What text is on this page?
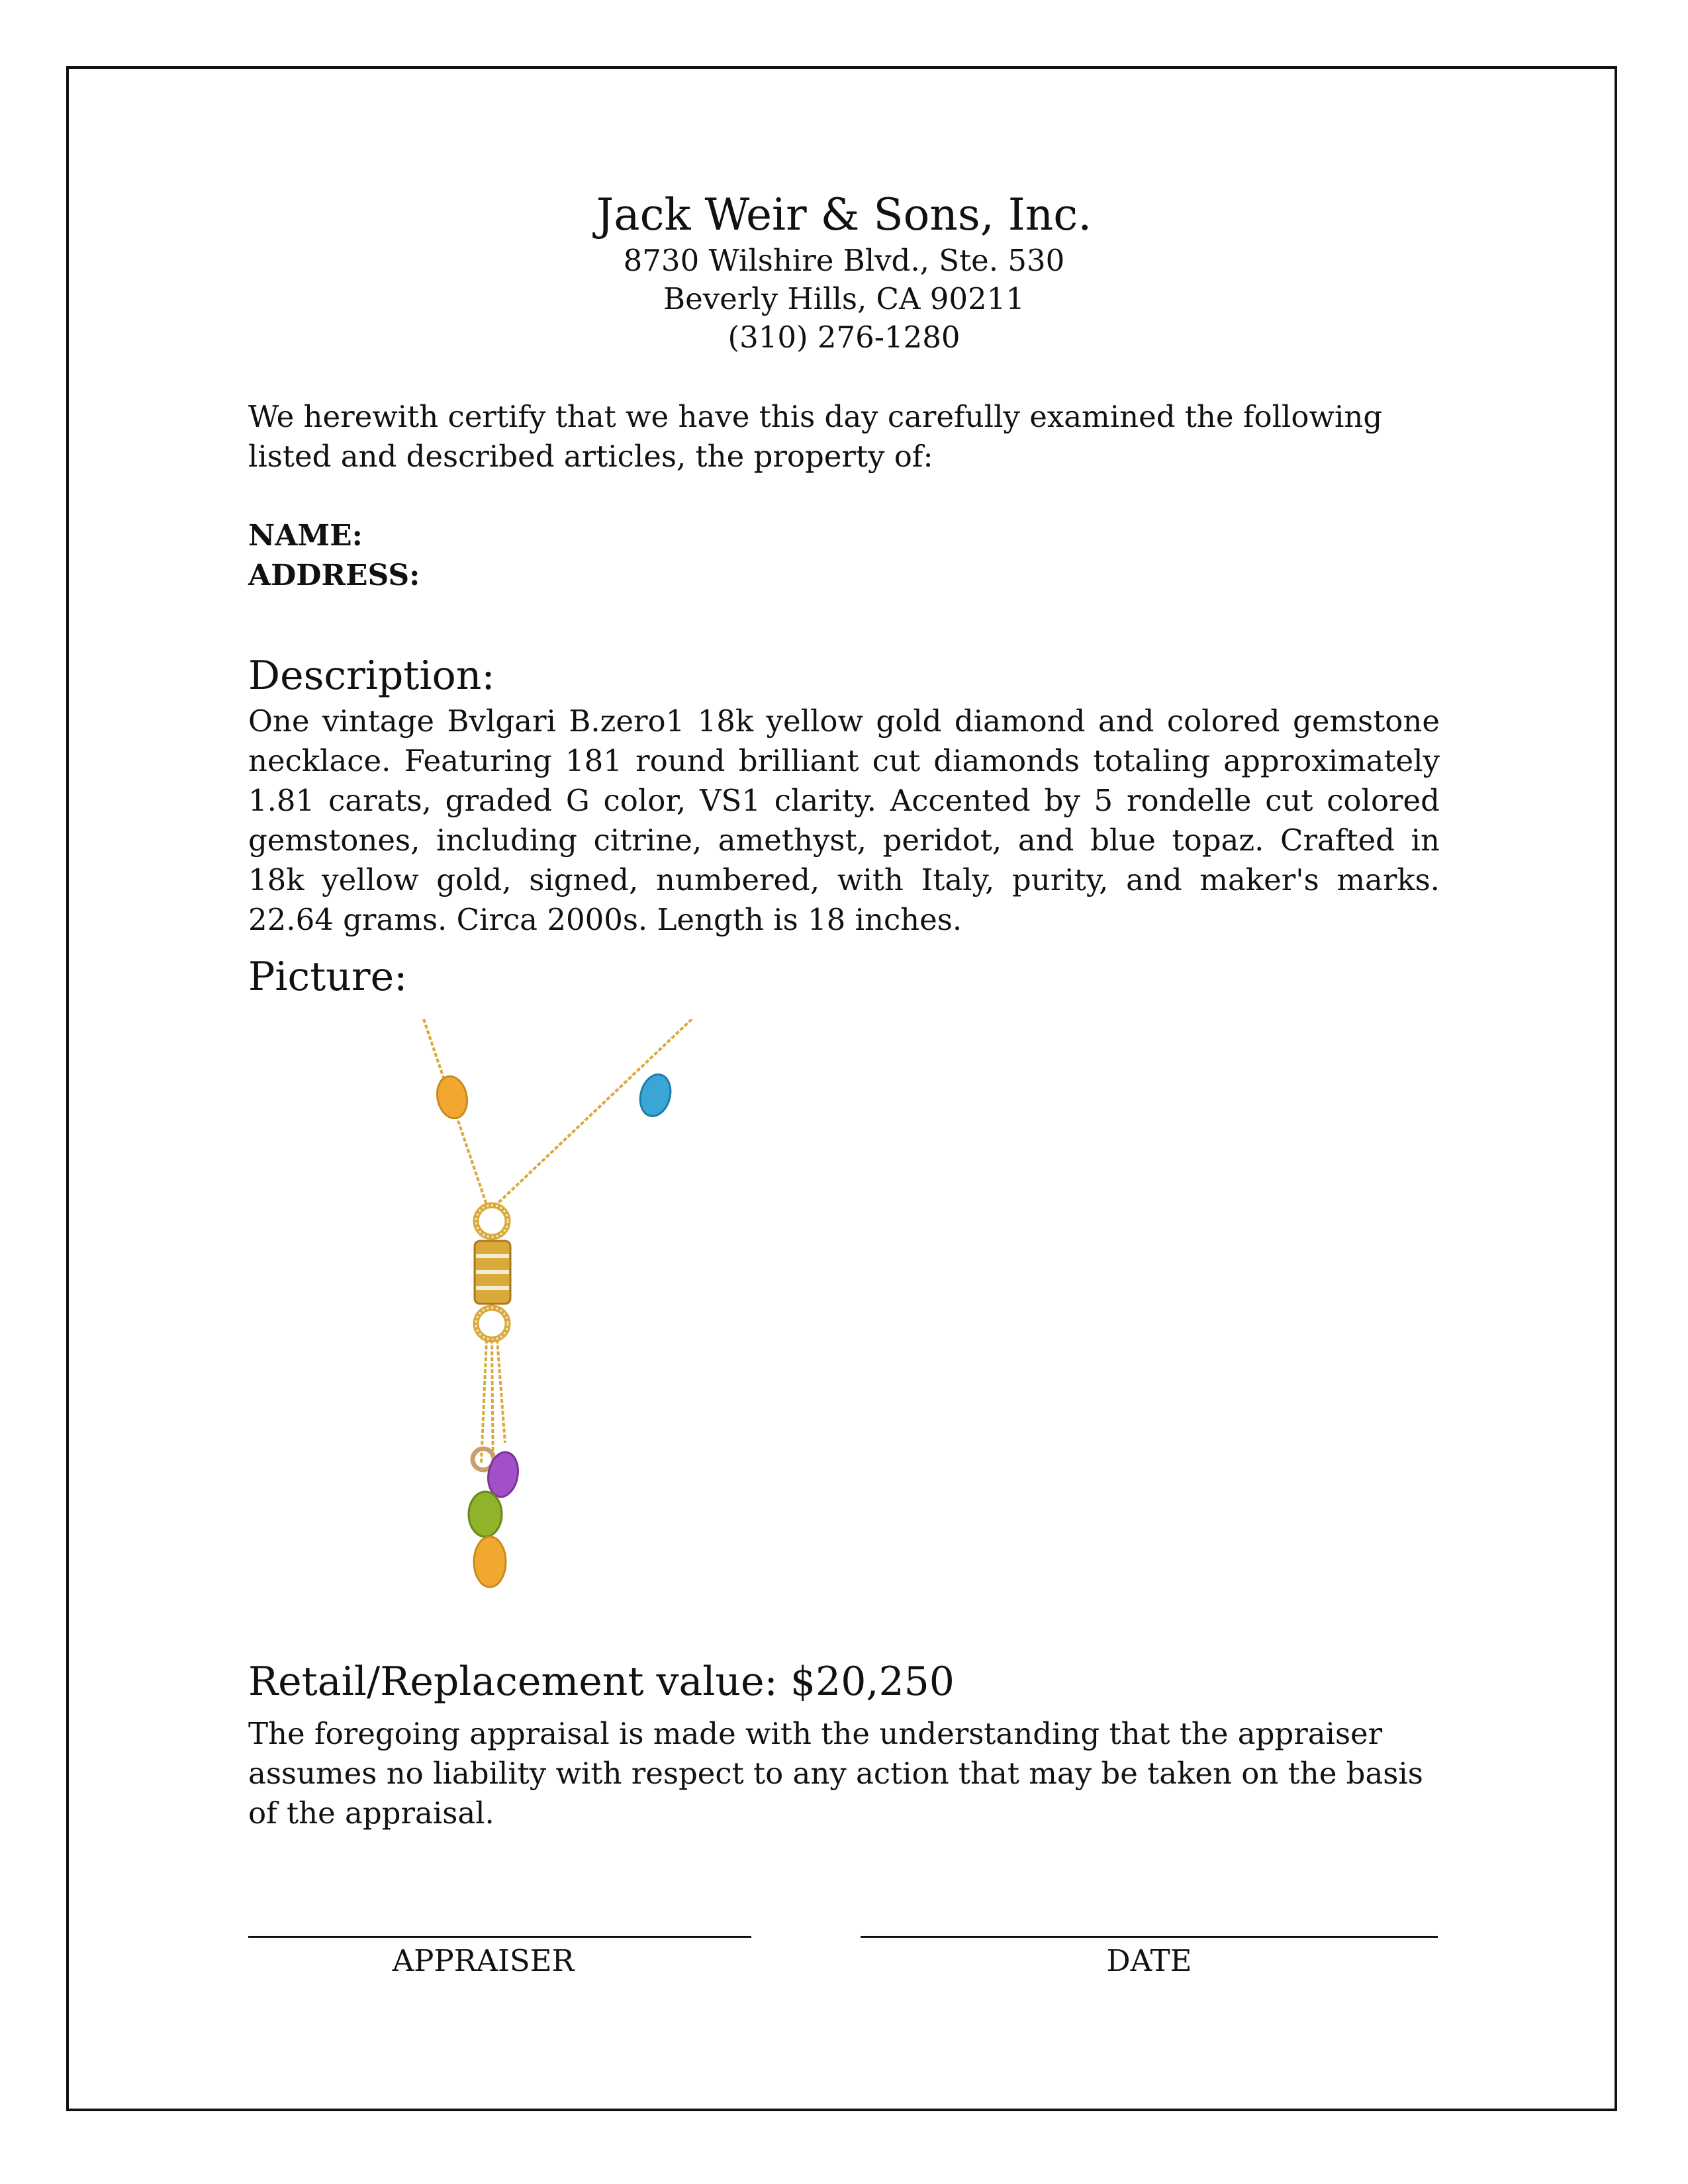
Jack Weir & Sons, Inc.
8730 Wilshire Blvd., Ste. 530
Beverly Hills, CA 90211
(310) 276-1280
We herewith certify that we have this day carefully examined the following listed and described articles, the property of:
NAME:
ADDRESS:
Description:
One vintage Bvlgari B.zero1 18k yellow gold diamond and colored gemstone necklace. Featuring 181 round brilliant cut diamonds totaling approximately 1.81 carats, graded G color, VS1 clarity. Accented by 5 rondelle cut colored gemstones, including citrine, amethyst, peridot, and blue topaz. Crafted in 18k yellow gold, signed, numbered, with Italy, purity, and maker's marks. 22.64 grams. Circa 2000s. Length is 18 inches.
Picture:
Retail/Replacement value: $20,250
The foregoing appraisal is made with the understanding that the appraiser assumes no liability with respect to any action that may be taken on the basis of the appraisal.
APPRAISER	DATE
